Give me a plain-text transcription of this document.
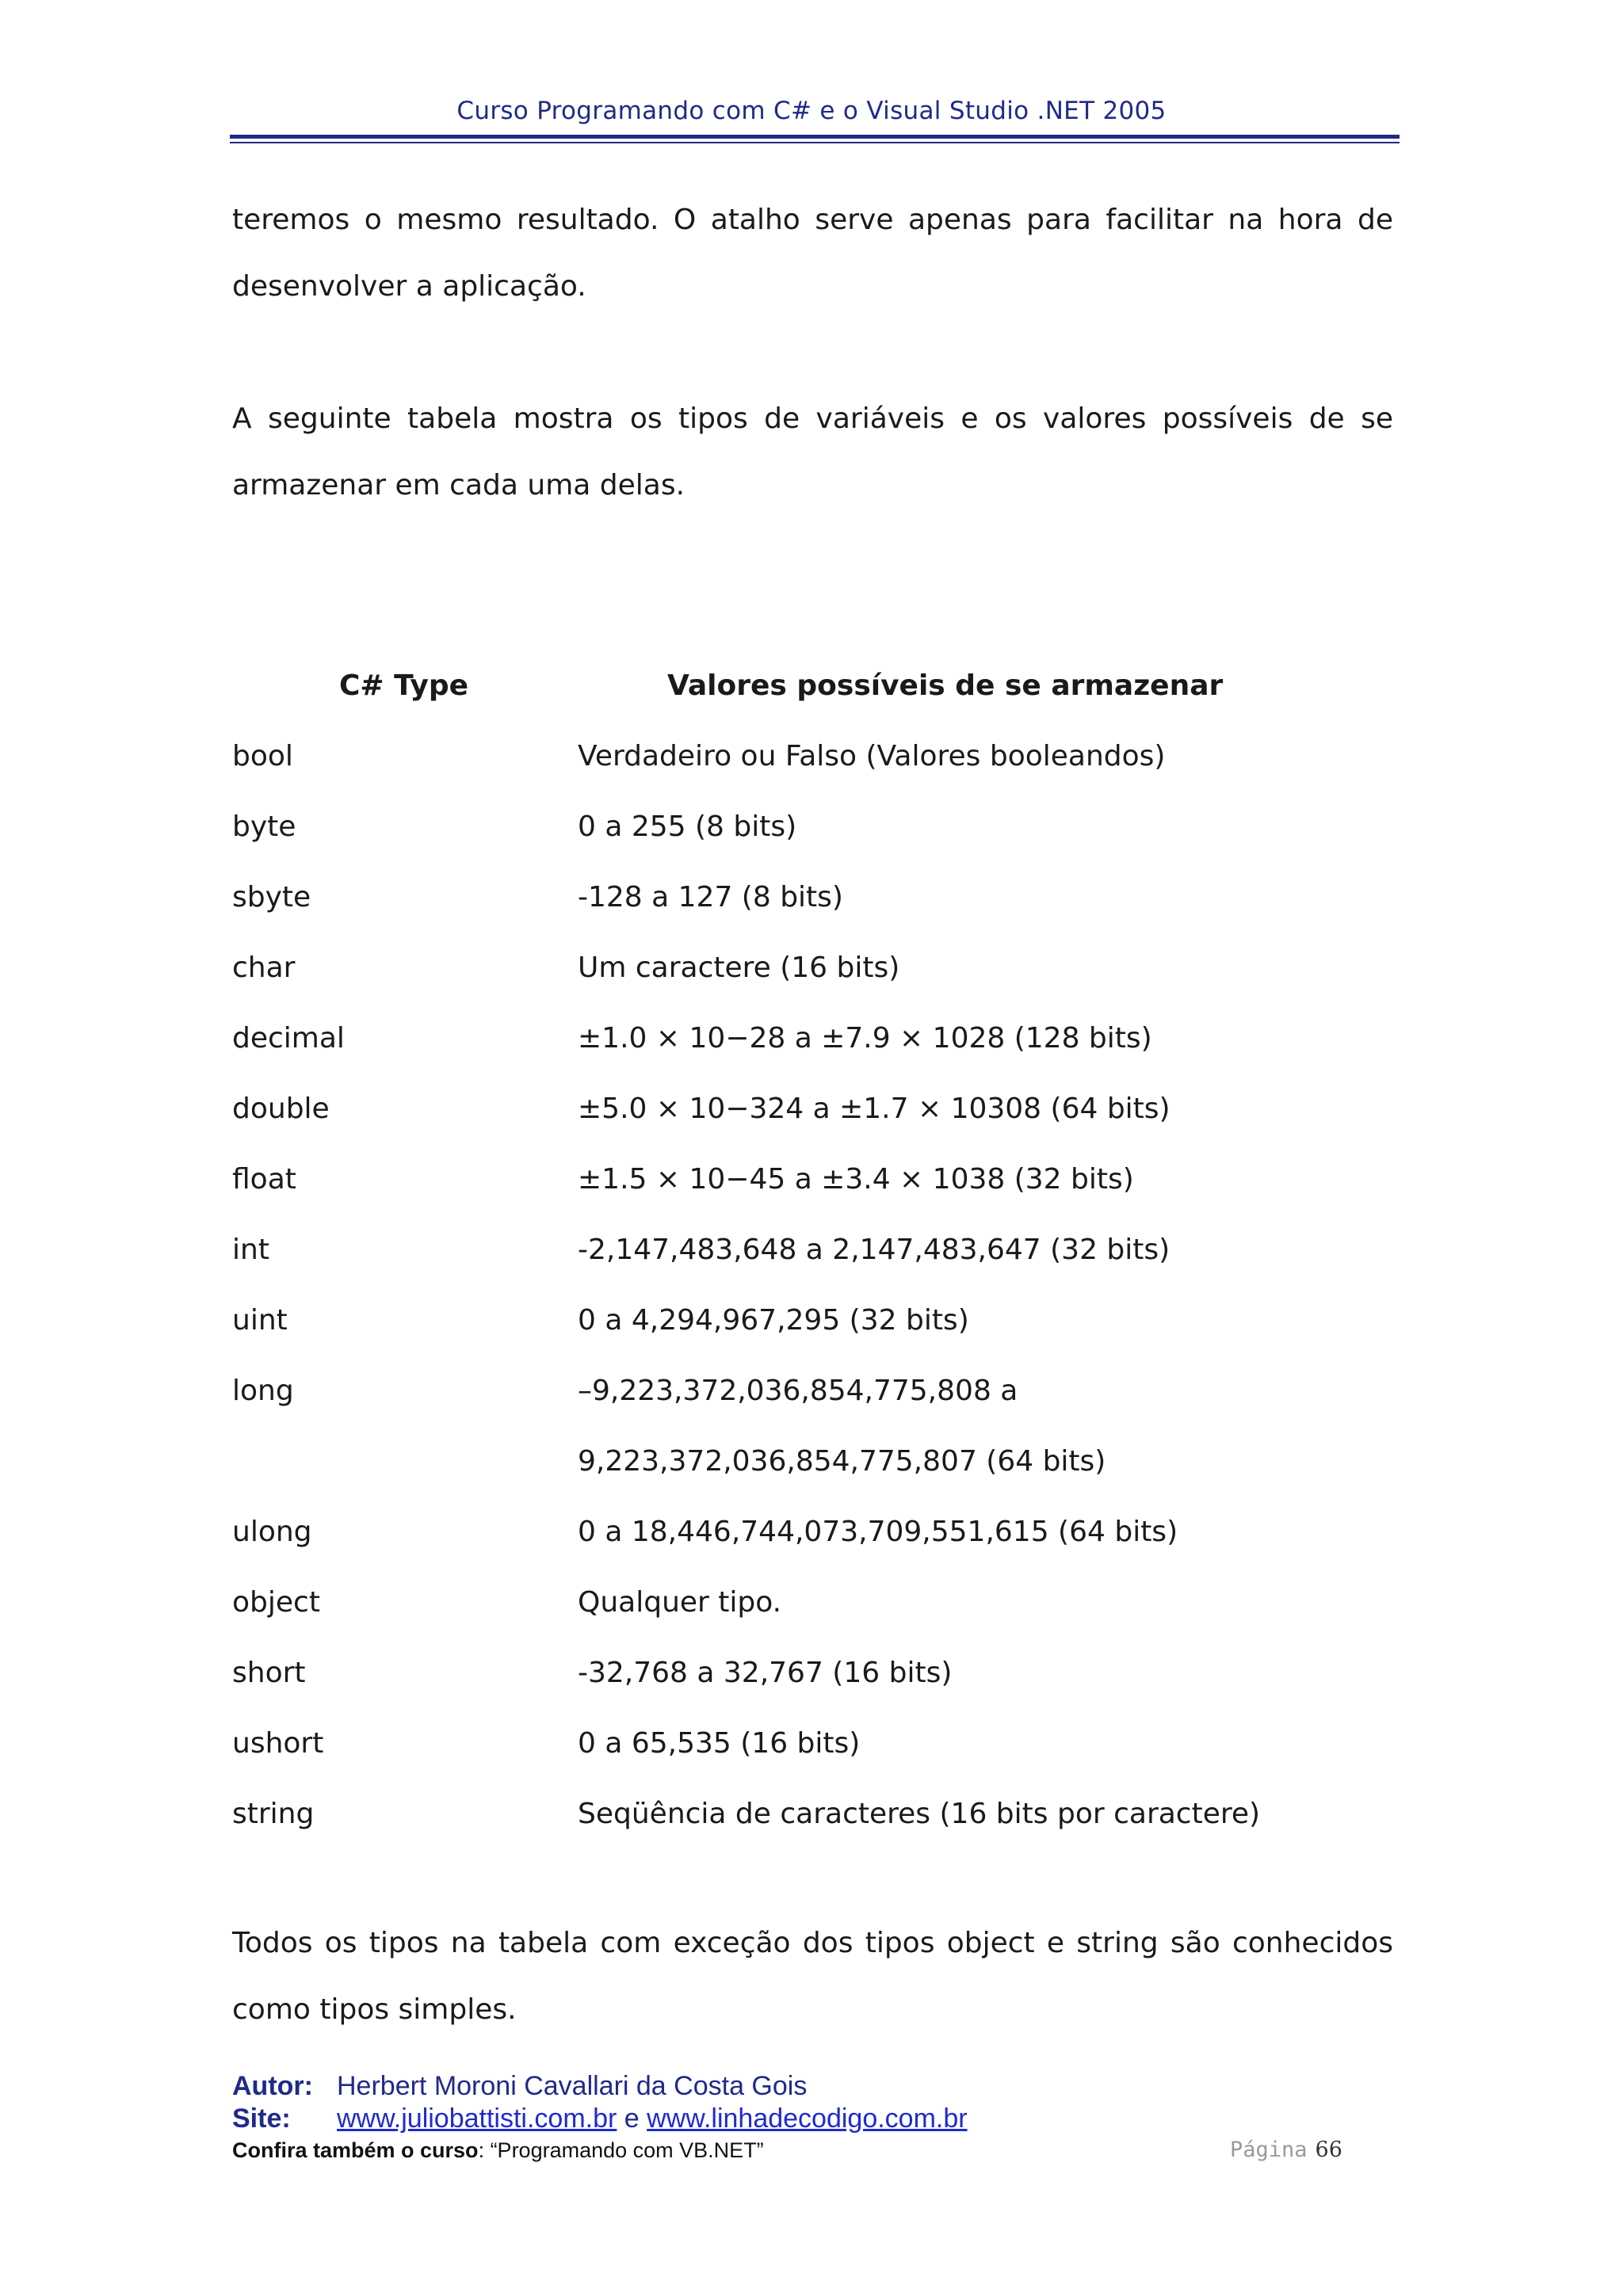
Curso Programando com C# e o Visual Studio .NET 2005

teremos o mesmo resultado. O atalho serve apenas para facilitar na hora de desenvolver a aplicação.

A seguinte tabela mostra os tipos de variáveis e os valores possíveis de se armazenar em cada uma delas.

C# Type	Valores possíveis de se armazenar
bool	Verdadeiro ou Falso (Valores booleandos)
byte	0 a 255 (8 bits)
sbyte	-128 a 127 (8 bits)
char	Um caractere (16 bits)
decimal	±1.0 × 10−28 a ±7.9 × 1028 (128 bits)
double	±5.0 × 10−324 a ±1.7 × 10308 (64 bits)
float	±1.5 × 10−45 a ±3.4 × 1038 (32 bits)
int	-2,147,483,648 a 2,147,483,647 (32 bits)
uint	0 a 4,294,967,295 (32 bits)
long	–9,223,372,036,854,775,808 a
9,223,372,036,854,775,807 (64 bits)
ulong	0 a 18,446,744,073,709,551,615 (64 bits)
object	Qualquer tipo.
short	-32,768 a 32,767 (16 bits)
ushort	0 a 65,535 (16 bits)
string	Seqüência de caracteres (16 bits por caractere)

Todos os tipos na tabela com exceção dos tipos object e string são conhecidos como tipos simples.

Autor: Herbert Moroni Cavallari da Costa Gois
Site: www.juliobattisti.com.br e www.linhadecodigo.com.br
Confira também o curso: “Programando com VB.NET”	Página 66
